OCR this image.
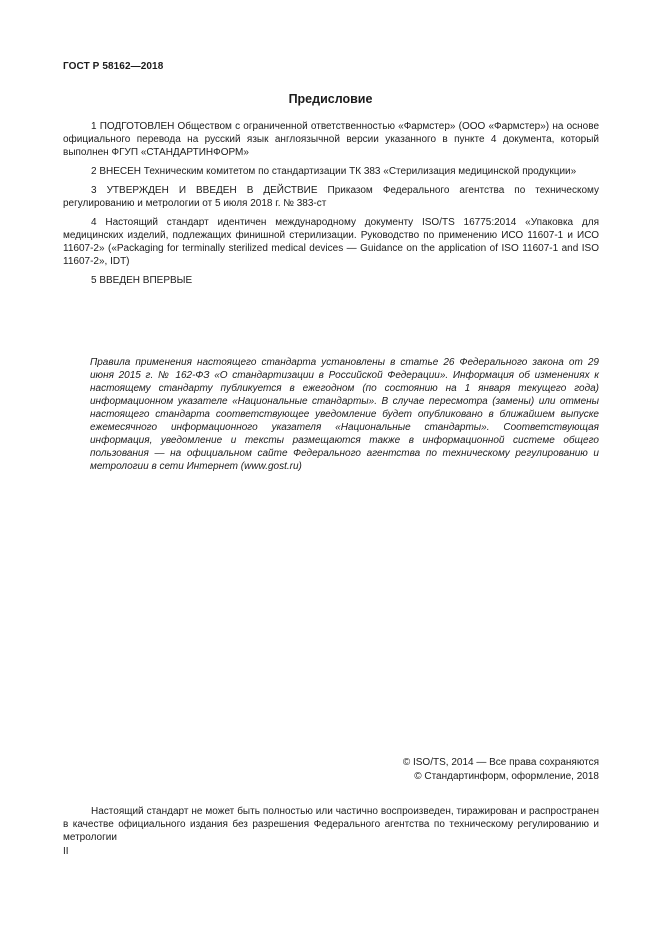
ГОСТ Р 58162—2018
Предисловие

1 ПОДГОТОВЛЕН Обществом с ограниченной ответственностью «Фармстер» (ООО «Фармстер») на основе официального перевода на русский язык англоязычной версии указанного в пункте 4 документа, который выполнен ФГУП «СТАНДАРТИНФОРМ»

2 ВНЕСЕН Техническим комитетом по стандартизации ТК 383 «Стерилизация медицинской продукции»

3 УТВЕРЖДЕН И ВВЕДЕН В ДЕЙСТВИЕ Приказом Федерального агентства по техническому регулированию и метрологии от 5 июля 2018 г. № 383-ст

4 Настоящий стандарт идентичен международному документу ISO/TS 16775:2014 «Упаковка для медицинских изделий, подлежащих финишной стерилизации. Руководство по применению ИСО 11607-1 и ИСО 11607-2» («Packaging for terminally sterilized medical devices — Guidance on the application of ISO 11607-1 and ISO 11607-2», IDT)

5 ВВЕДЕН ВПЕРВЫЕ

Правила применения настоящего стандарта установлены в статье 26 Федерального закона от 29 июня 2015 г. № 162-ФЗ «О стандартизации в Российской Федерации». Информация об изменениях к настоящему стандарту публикуется в ежегодном (по состоянию на 1 января текущего года) информационном указателе «Национальные стандарты». В случае пересмотра (замены) или отмены настоящего стандарта соответствующее уведомление будет опубликовано в ближайшем выпуске ежемесячного информационного указателя «Национальные стандарты». Соответствующая информация, уведомление и тексты размещаются также в информационной системе общего пользования — на официальном сайте Федерального агентства по техническому регулированию и метрологии в сети Интернет (www.gost.ru)

© ISO/TS, 2014 — Все права сохраняются
© Стандартинформ, оформление, 2018

Настоящий стандарт не может быть полностью или частично воспроизведен, тиражирован и распространен в качестве официального издания без разрешения Федерального агентства по техническому регулированию и метрологии

II
